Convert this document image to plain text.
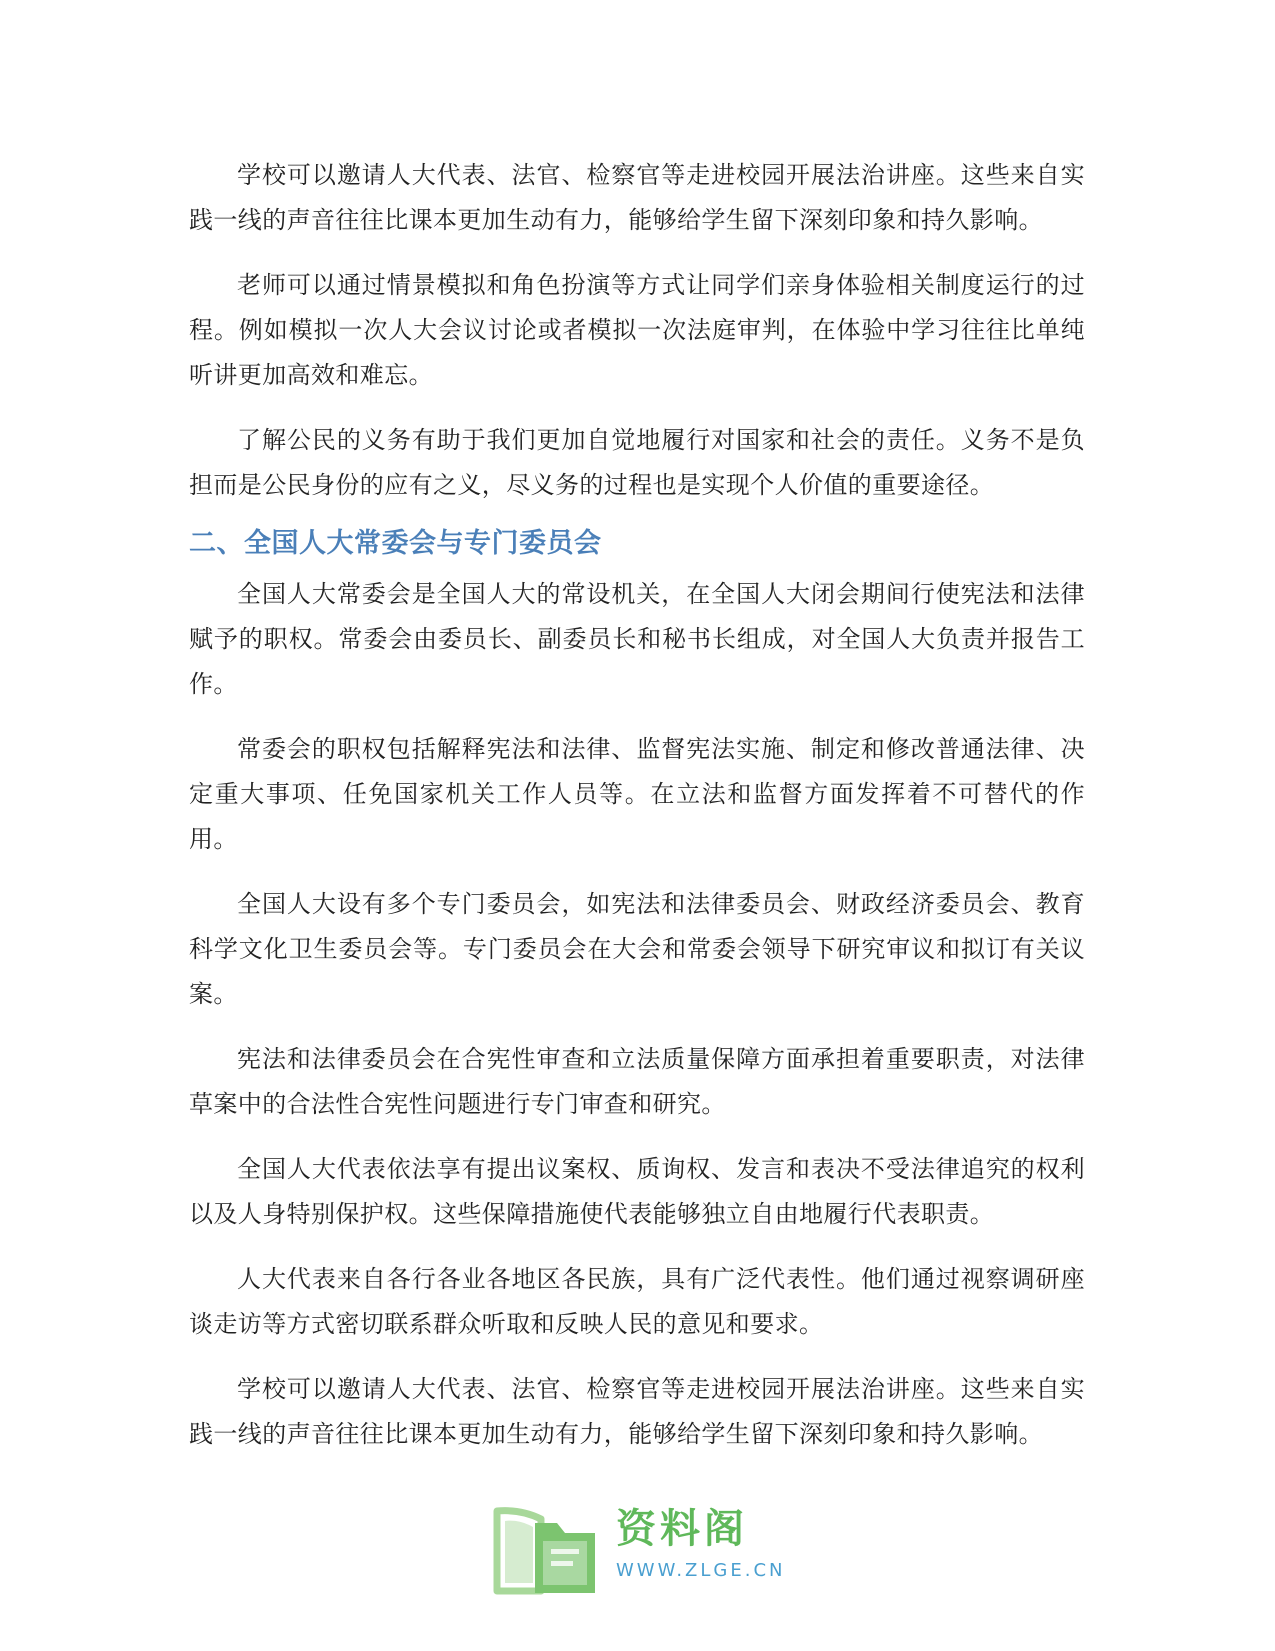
学校可以邀请人大代表、法官、检察官等走进校园开展法治讲座。这些来自实践一线的声音往往比课本更加生动有力，能够给学生留下深刻印象和持久影响。

老师可以通过情景模拟和角色扮演等方式让同学们亲身体验相关制度运行的过程。例如模拟一次人大会议讨论或者模拟一次法庭审判，在体验中学习往往比单纯听讲更加高效和难忘。

了解公民的义务有助于我们更加自觉地履行对国家和社会的责任。义务不是负担而是公民身份的应有之义，尽义务的过程也是实现个人价值的重要途径。

二、全国人大常委会与专门委员会

全国人大常委会是全国人大的常设机关，在全国人大闭会期间行使宪法和法律赋予的职权。常委会由委员长、副委员长和秘书长组成，对全国人大负责并报告工作。

常委会的职权包括解释宪法和法律、监督宪法实施、制定和修改普通法律、决定重大事项、任免国家机关工作人员等。在立法和监督方面发挥着不可替代的作用。

全国人大设有多个专门委员会，如宪法和法律委员会、财政经济委员会、教育科学文化卫生委员会等。专门委员会在大会和常委会领导下研究审议和拟订有关议案。

宪法和法律委员会在合宪性审查和立法质量保障方面承担着重要职责，对法律草案中的合法性合宪性问题进行专门审查和研究。

全国人大代表依法享有提出议案权、质询权、发言和表决不受法律追究的权利以及人身特别保护权。这些保障措施使代表能够独立自由地履行代表职责。

人大代表来自各行各业各地区各民族，具有广泛代表性。他们通过视察调研座谈走访等方式密切联系群众听取和反映人民的意见和要求。

学校可以邀请人大代表、法官、检察官等走进校园开展法治讲座。这些来自实践一线的声音往往比课本更加生动有力，能够给学生留下深刻印象和持久影响。

资料阁
WWW.ZLGE.CN
